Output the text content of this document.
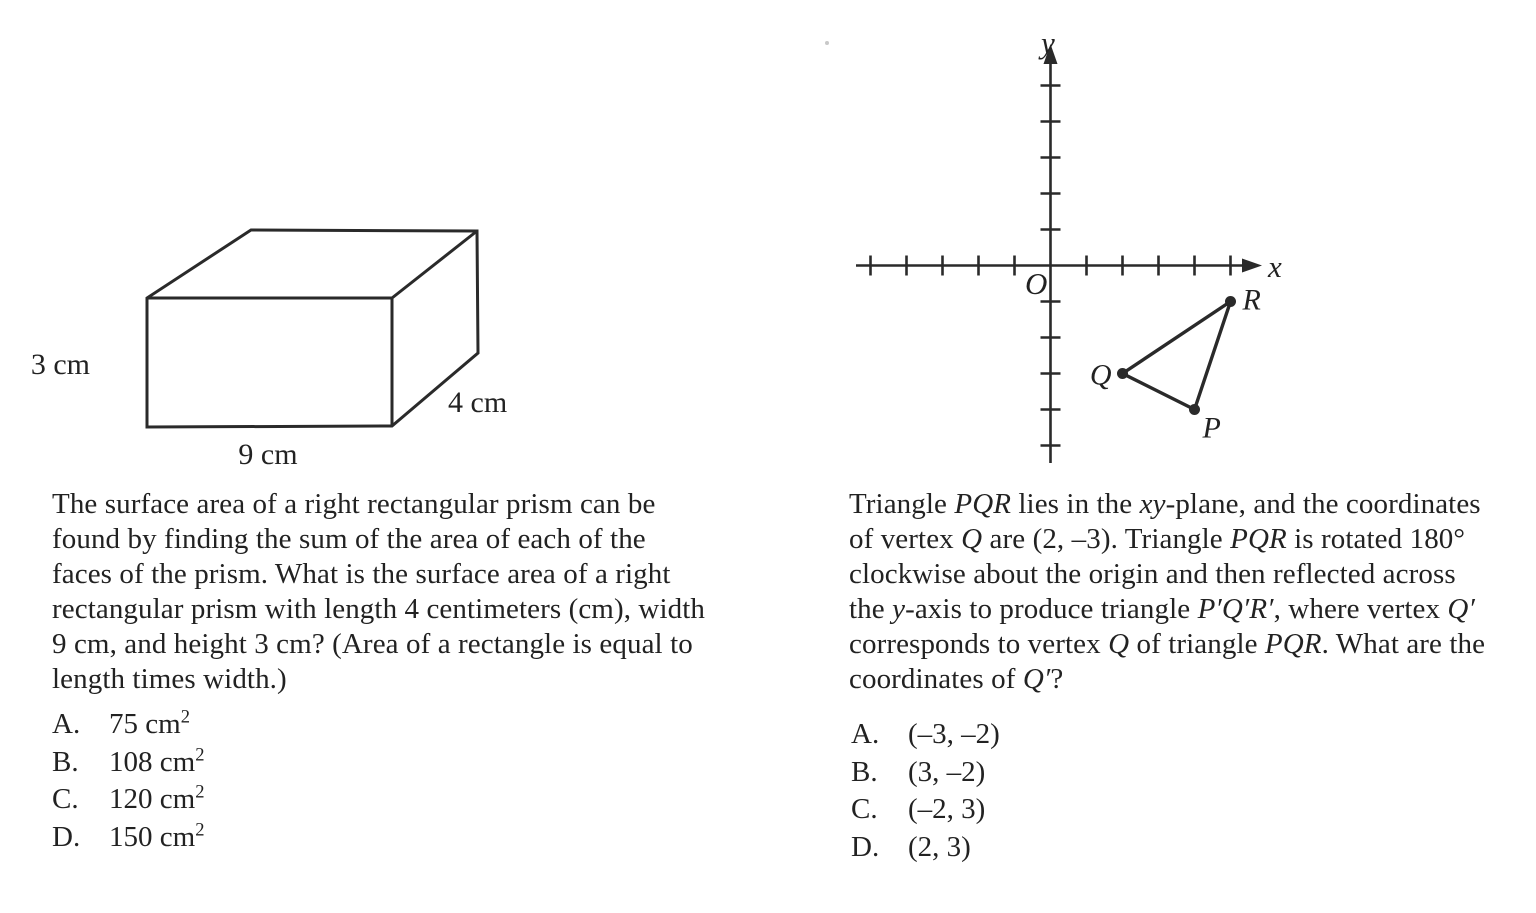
3 cm
9 cm
4 cm
The surface area of a right rectangular prism can be
found by finding the sum of the area of each of the
faces of the prism. What is the surface area of a right
rectangular prism with length 4 centimeters (cm), width
9 cm, and height 3 cm? (Area of a rectangle is equal to
length times width.)
A. 75 $cm^2$
B.	108 $cm^2$
C.	120 $cm^2$
D. 150 $cm^2$
P
Q
R
x
y
O
Triangle PQR lies in the xy-plane, and the coordinates
of vertex Q are (2, –3). Triangle PQR is rotated 180°
clockwise about the origin and then reflected across
the y-axis to produce triangle P′Q′R′, where vertex Q′
corresponds to vertex Q of triangle PQR. What are the
coordinates of Q′?
A. (–3, –2)
B.	(3, –2)
C.	(–2, 3)
D. (2, 3)
